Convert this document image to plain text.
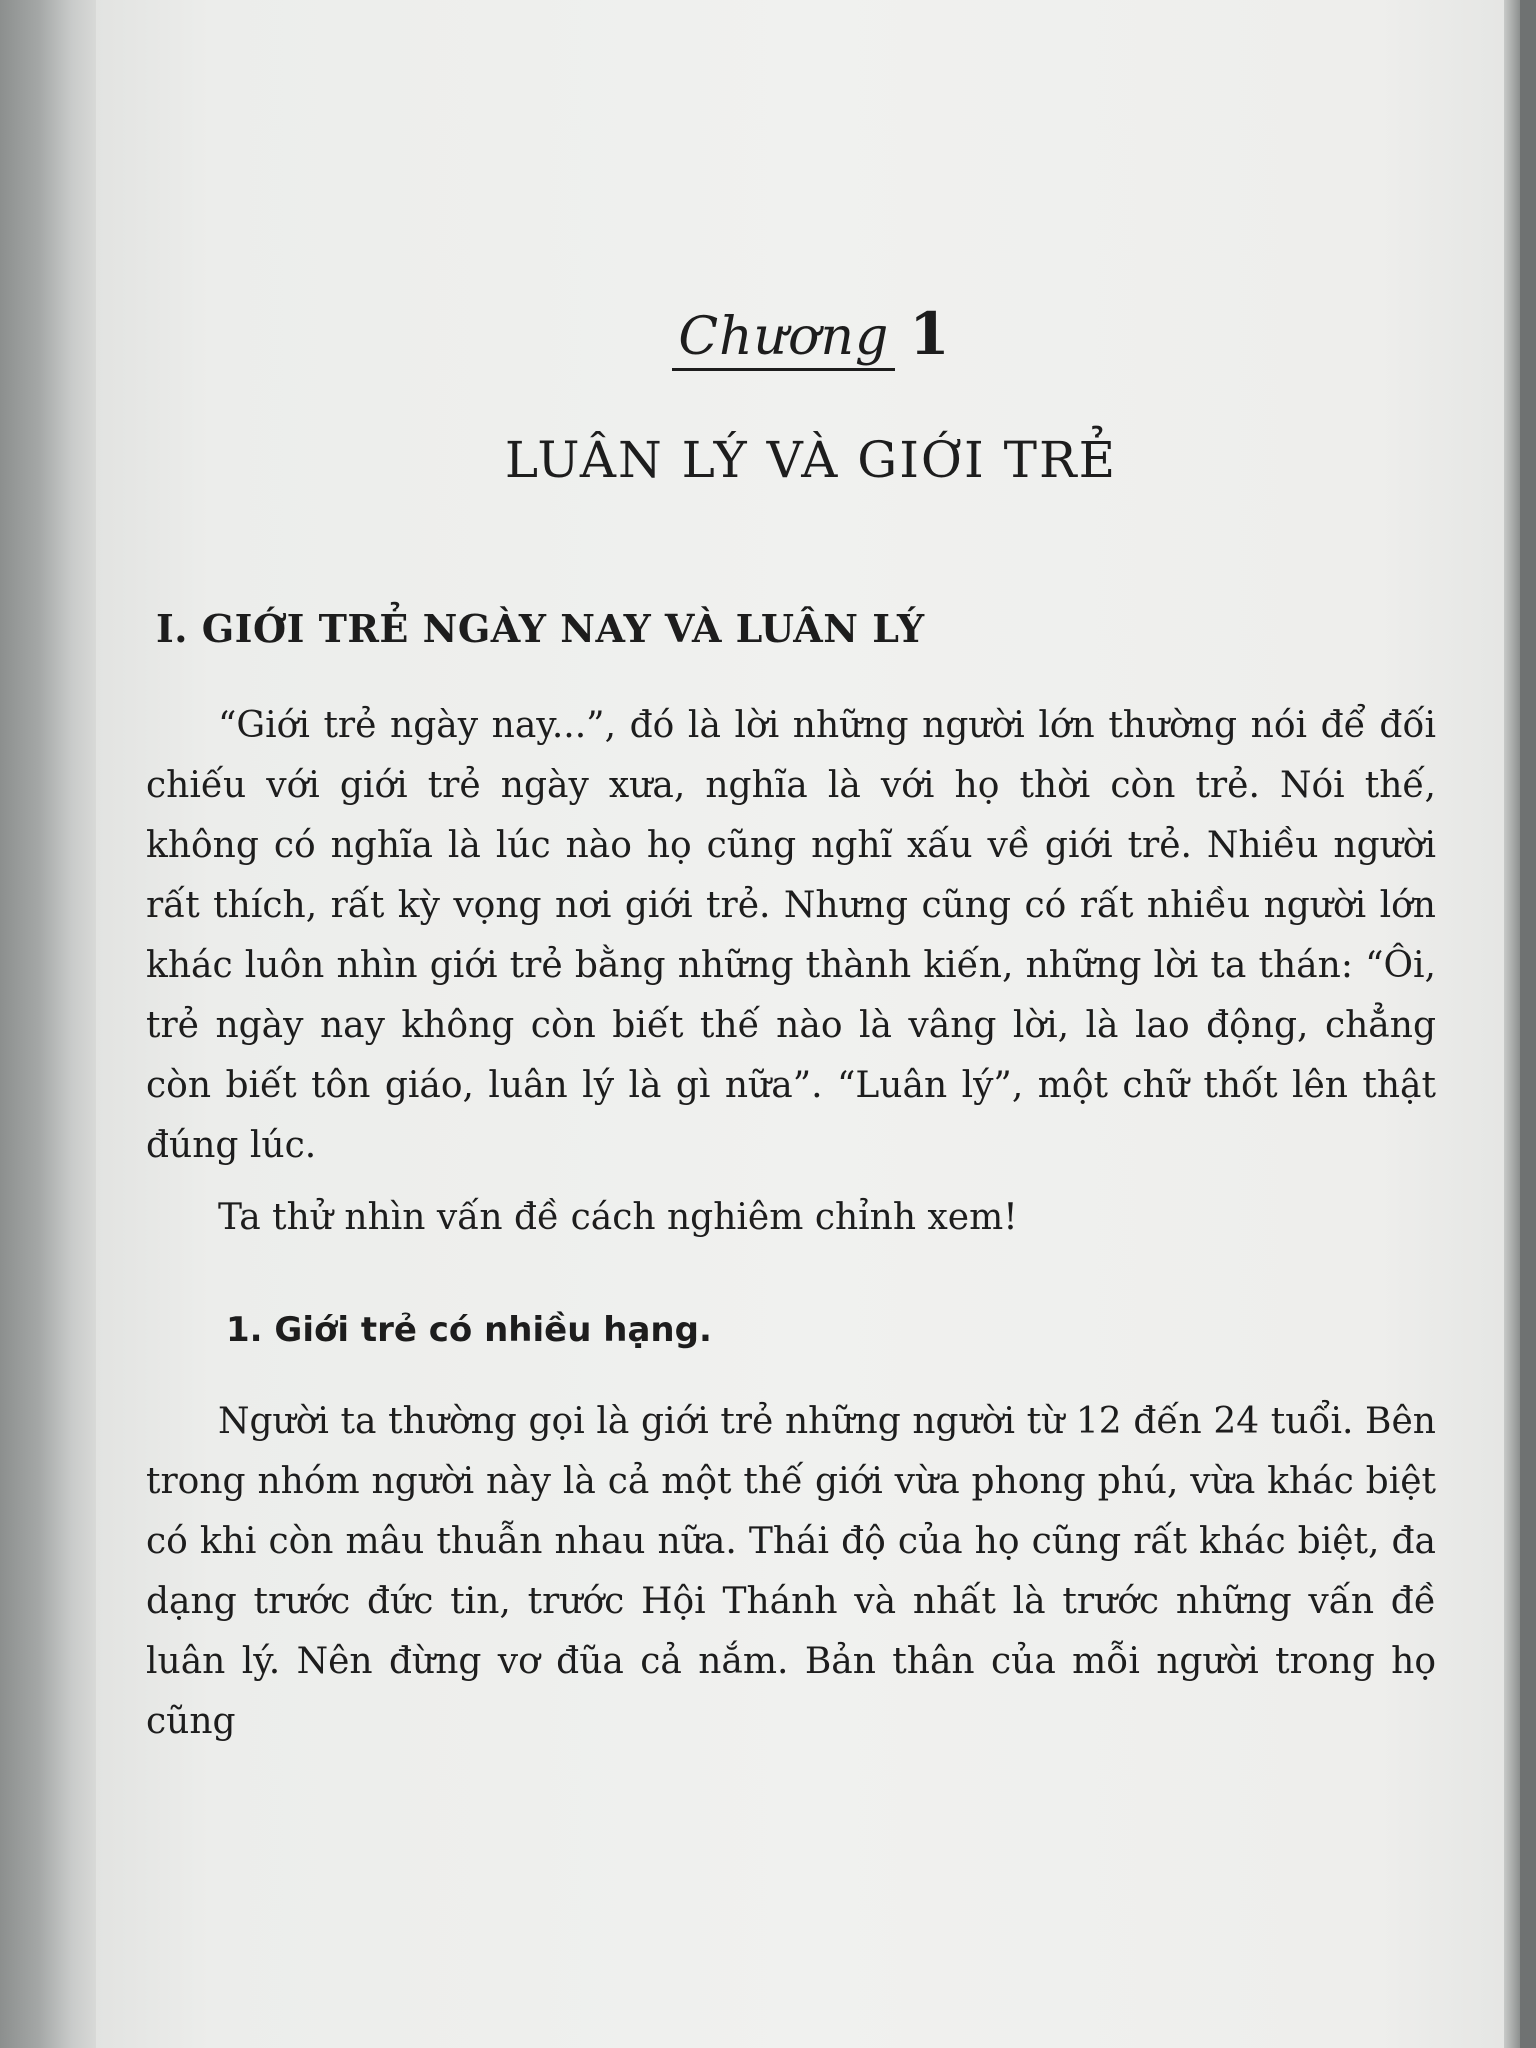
Chương 1
LUÂN LÝ VÀ GIỚI TRẺ
I. GIỚI TRẺ NGÀY NAY VÀ LUÂN LÝ

“Giới trẻ ngày nay...”, đó là lời những người lớn thường nói để đối chiếu với giới trẻ ngày xưa, nghĩa là với họ thời còn trẻ. Nói thế, không có nghĩa là lúc nào họ cũng nghĩ xấu về giới trẻ. Nhiều người rất thích, rất kỳ vọng nơi giới trẻ. Nhưng cũng có rất nhiều người lớn khác luôn nhìn giới trẻ bằng những thành kiến, những lời ta thán: “Ôi, trẻ ngày nay không còn biết thế nào là vâng lời, là lao động, chẳng còn biết tôn giáo, luân lý là gì nữa”. “Luân lý”, một chữ thốt lên thật đúng lúc.

Ta thử nhìn vấn đề cách nghiêm chỉnh xem!

1. Giới trẻ có nhiều hạng.

Người ta thường gọi là giới trẻ những người từ 12 đến 24 tuổi. Bên trong nhóm người này là cả một thế giới vừa phong phú, vừa khác biệt có khi còn mâu thuẫn nhau nữa. Thái độ của họ cũng rất khác biệt, đa dạng trước đức tin, trước Hội Thánh và nhất là trước những vấn đề luân lý. Nên đừng vơ đũa cả nắm. Bản thân của mỗi người trong họ cũng
